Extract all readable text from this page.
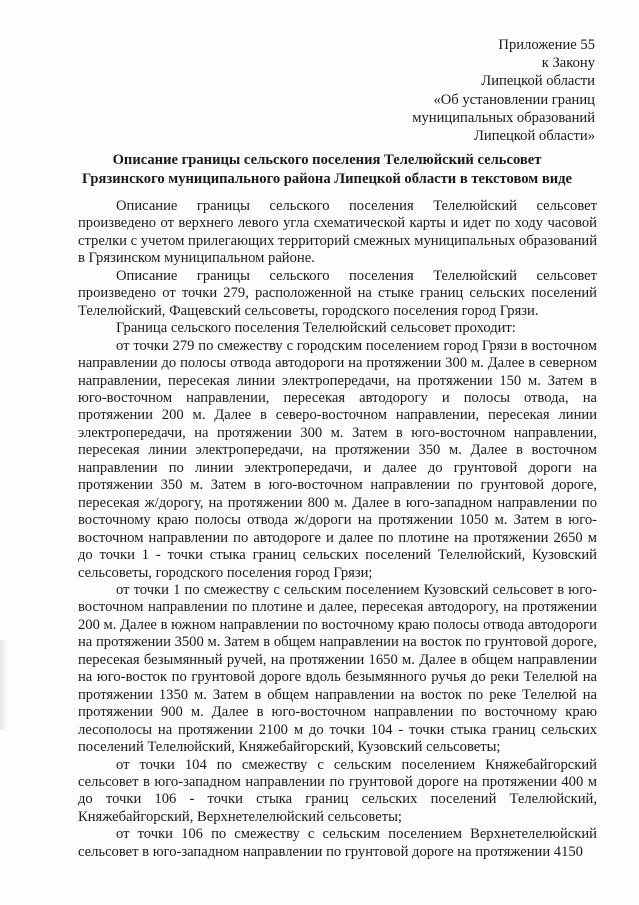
Приложение 55
к Закону
Липецкой области
«Об установлении границ
муниципальных образований
Липецкой области»
Описание границы сельского поселения Телелюйский сельсовет
Грязинского муниципального района Липецкой области в текстовом виде

Описание границы сельского поселения Телелюйский сельсовет произведено от верхнего левого угла схематической карты и идет по ходу часовой стрелки с учетом прилегающих территорий смежных муниципальных образований в Грязинском муниципальном районе.

Описание границы сельского поселения Телелюйский сельсовет произведено от точки 279, расположенной на стыке границ сельских поселений Телелюйский, Фащевский сельсоветы, городского поселения город Грязи.

Граница сельского поселения Телелюйский сельсовет проходит:

от точки 279 по смежеству с городским поселением город Грязи в восточном направлении до полосы отвода автодороги на протяжении 300 м. Далее в северном направлении, пересекая линии электропередачи, на протяжении 150 м. Затем в юго-восточном направлении, пересекая автодорогу и полосы отвода, на протяжении 200 м. Далее в северо-восточном направлении, пересекая линии электропередачи, на протяжении 300 м. Затем в юго-восточном направлении, пересекая линии электропередачи, на протяжении 350 м. Далее в восточном направлении по линии электропередачи, и далее до грунтовой дороги на протяжении 350 м. Затем в юго-восточном направлении по грунтовой дороге, пересекая ж/дорогу, на протяжении 800 м. Далее в юго-западном направлении по восточному краю полосы отвода ж/дороги на протяжении 1050 м. Затем в юго-восточном направлении по автодороге и далее по плотине на протяжении 2650 м до точки 1 - точки стыка границ сельских поселений Телелюйский, Кузовский сельсоветы, городского поселения город Грязи;

от точки 1 по смежеству с сельским поселением Кузовский сельсовет в юго-восточном направлении по плотине и далее, пересекая автодорогу, на протяжении 200 м. Далее в южном направлении по восточному краю полосы отвода автодороги на протяжении 3500 м. Затем в общем направлении на восток по грунтовой дороге, пересекая безымянный ручей, на протяжении 1650 м. Далее в общем направлении на юго-восток по грунтовой дороге вдоль безымянного ручья до реки Телелюй на протяжении 1350 м. Затем в общем направлении на восток по реке Телелюй на протяжении 900 м. Далее в юго-восточном направлении по восточному краю лесополосы на протяжении 2100 м до точки 104 - точки стыка границ сельских поселений Телелюйский, Княжебайгорский, Кузовский сельсоветы;

от точки 104 по смежеству с сельским поселением Княжебайгорский сельсовет в юго-западном направлении по грунтовой дороге на протяжении 400 м до точки 106 - точки стыка границ сельских поселений Телелюйский, Княжебайгорский, Верхнетелелюйский сельсоветы;

от точки 106 по смежеству с сельским поселением Верхнетелелюйский сельсовет в юго-западном направлении по грунтовой дороге на протяжении 4150
